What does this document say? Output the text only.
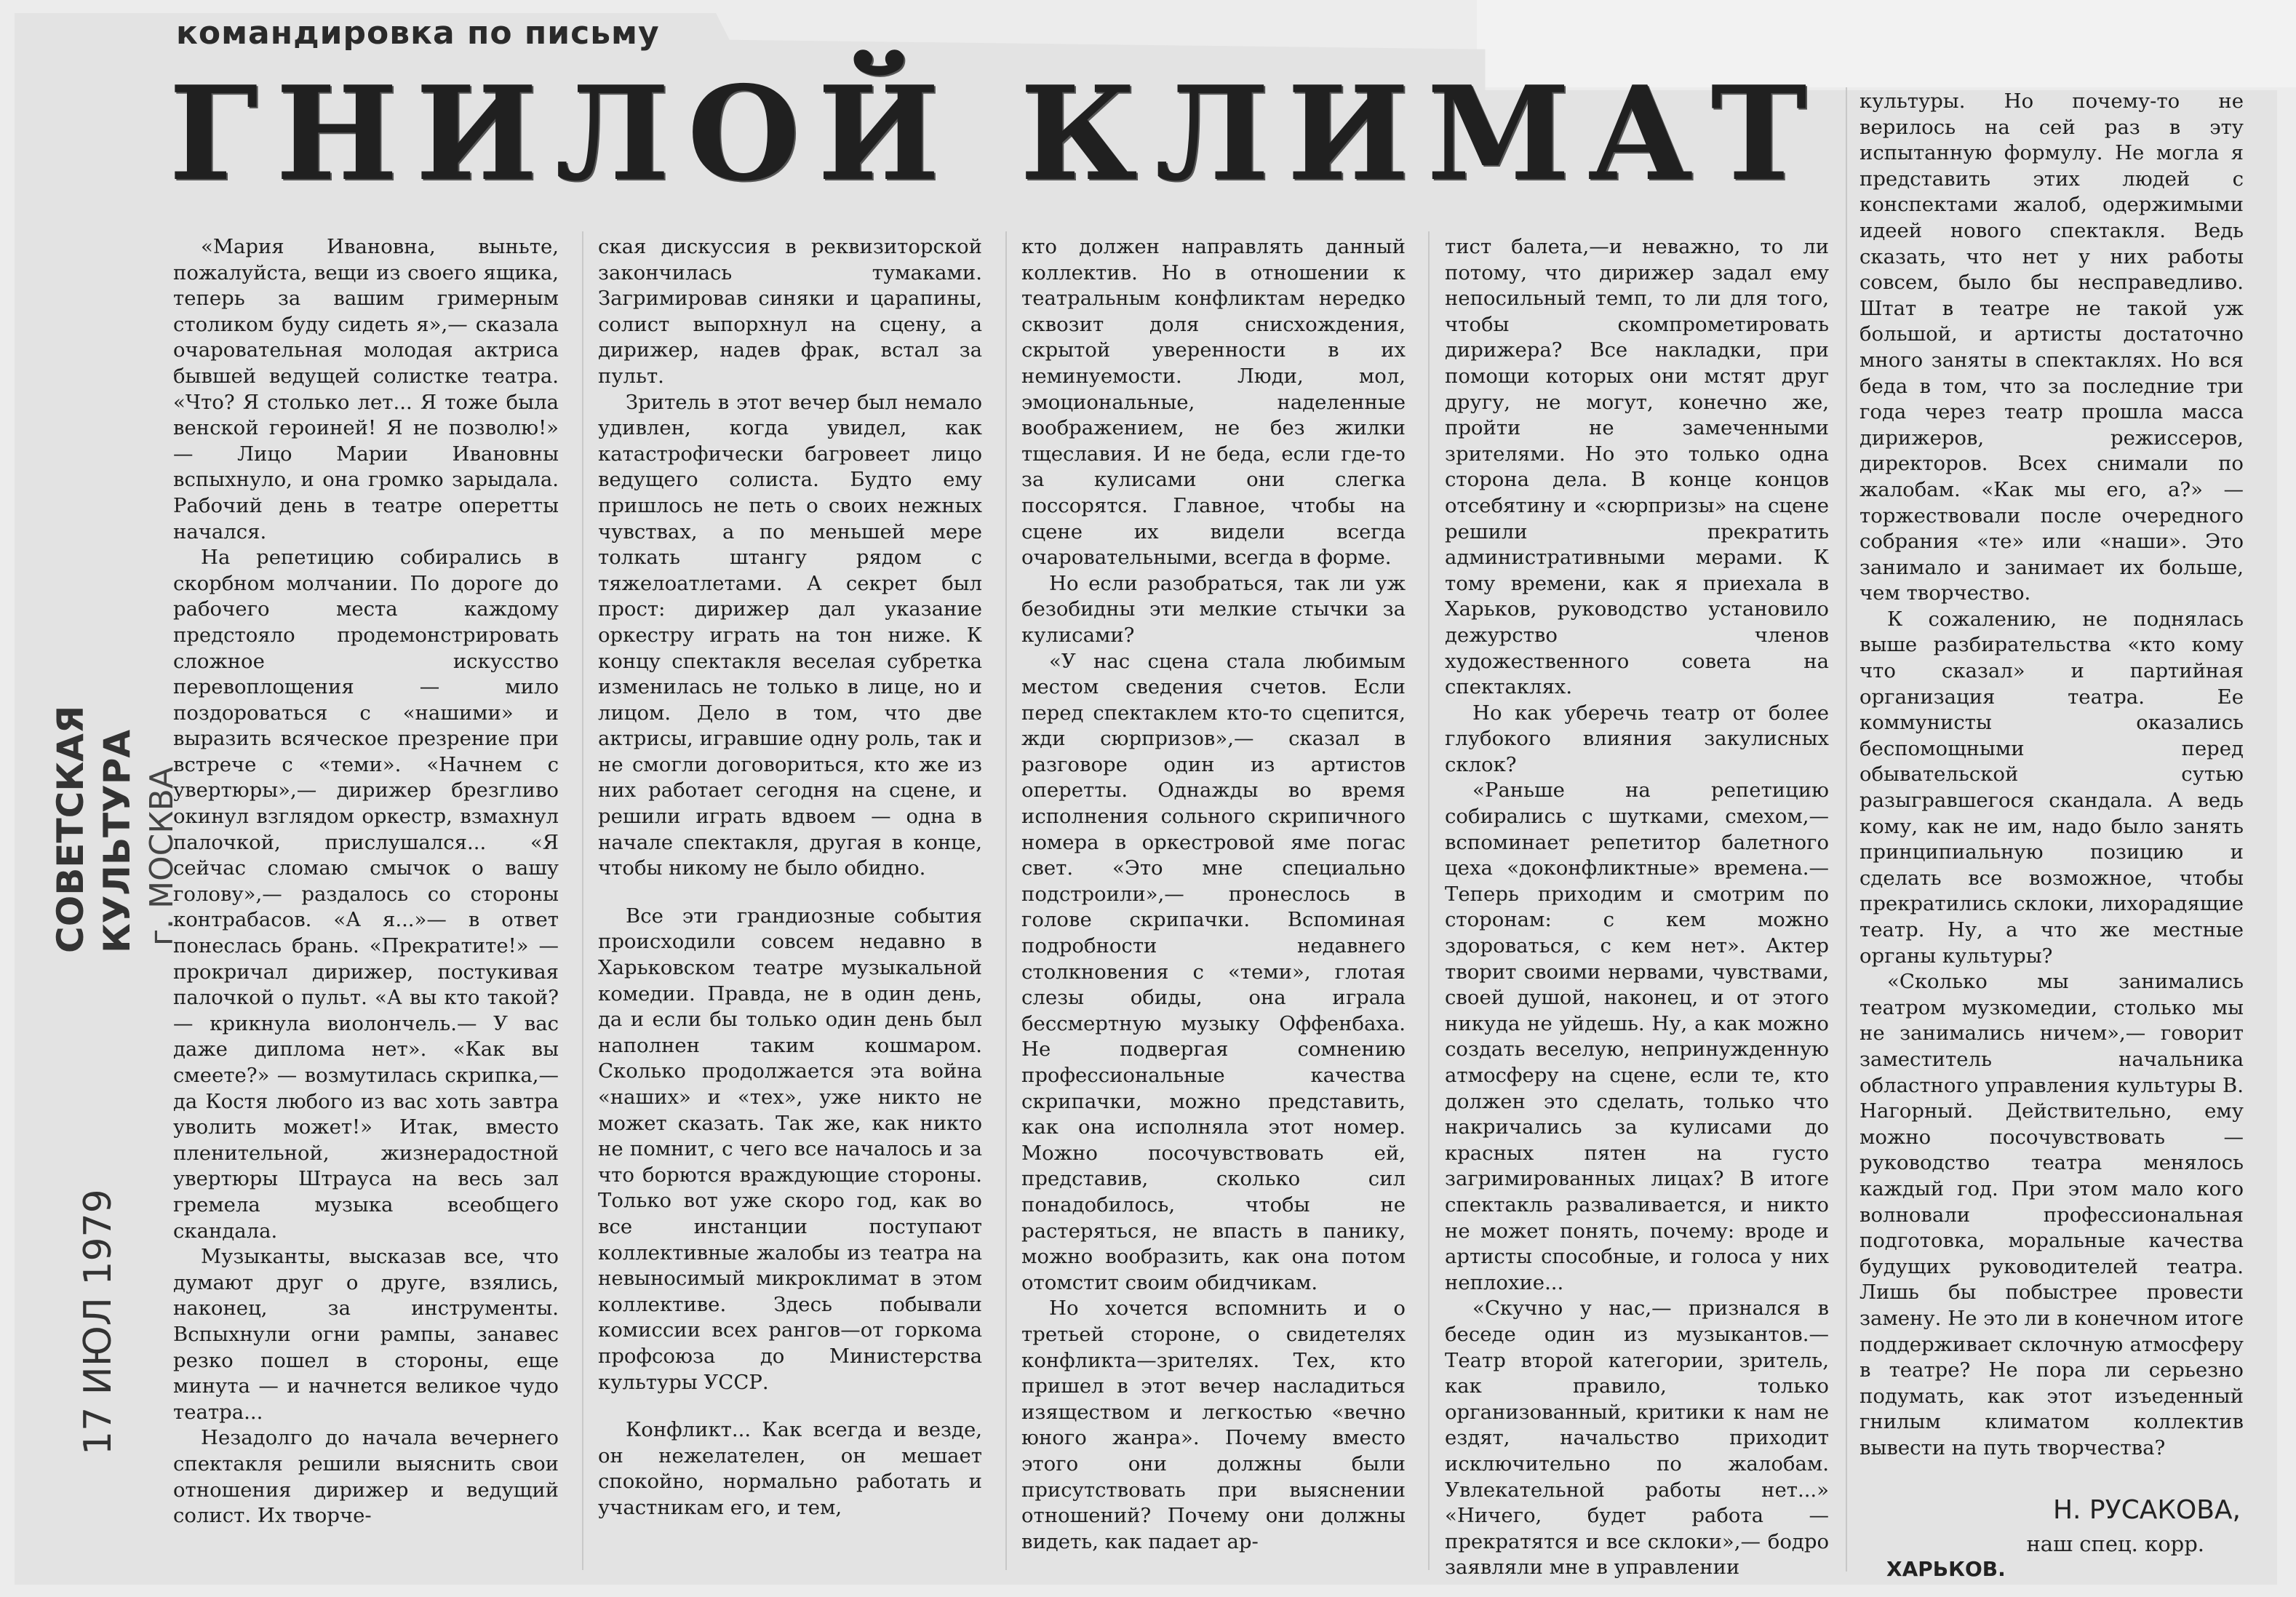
командировка по письму
ГНИЛОЙ КЛИМАТ
СОВЕТСКАЯ КУЛЬТУРА г. МОСКВА
17 ИЮЛ 1979

«Мария Ивановна, выньте, пожалуйста, вещи из своего ящика, теперь за вашим гримерным столиком буду сидеть я»,— сказала очаровательная молодая актриса бывшей ведущей солистке театра. «Что? Я столько лет... Я тоже была венской героиней! Я не позволю!» — Лицо Марии Ивановны вспыхнуло, и она громко зарыдала. Рабочий день в театре оперетты начался.

На репетицию собирались в скорбном молчании. По дороге до рабочего места каждому предстояло продемонстрировать сложное искусство перевоплощения — мило поздороваться с «нашими» и выразить всяческое презрение при встрече с «теми». «Начнем с увертюры»,— дирижер брезгливо окинул взглядом оркестр, взмахнул палочкой, прислушался... «Я сейчас сломаю смычок о вашу голову»,— раздалось со стороны контрабасов. «А я...»— в ответ понеслась брань. «Прекратите!» — прокричал дирижер, постукивая палочкой о пульт. «А вы кто такой? — крикнула виолончель.— У вас даже диплома нет». «Как вы смеете?» — возмутилась скрипка,— да Костя любого из вас хоть завтра уволить может!» Итак, вместо пленительной, жизнерадостной увертюры Штрауса на весь зал гремела музыка всеобщего скандала.

Музыканты, высказав все, что думают друг о друге, взялись, наконец, за инструменты. Вспыхнули огни рампы, занавес резко пошел в стороны, еще минута — и начнется великое чудо театра...

Незадолго до начала вечернего спектакля решили выяснить свои отношения дирижер и ведущий солист. Их творче-

ская дискуссия в реквизиторской закончилась тумаками. Загримировав синяки и царапины, солист выпорхнул на сцену, а дирижер, надев фрак, встал за пульт.

Зритель в этот вечер был немало удивлен, когда увидел, как катастрофически багровеет лицо ведущего солиста. Будто ему пришлось не петь о своих нежных чувствах, а по меньшей мере толкать штангу рядом с тяжелоатлетами. А секрет был прост: дирижер дал указание оркестру играть на тон ниже. К концу спектакля веселая субретка изменилась не только в лице, но и лицом. Дело в том, что две актрисы, игравшие одну роль, так и не смогли договориться, кто же из них работает сегодня на сцене, и решили играть вдвоем — одна в начале спектакля, другая в конце, чтобы никому не было обидно.

Все эти грандиозные события происходили совсем недавно в Харьковском театре музыкальной комедии. Правда, не в один день, да и если бы только один день был наполнен таким кошмаром. Сколько продолжается эта война «наших» и «тех», уже никто не может сказать. Так же, как никто не помнит, с чего все началось и за что борются враждующие стороны. Только вот уже скоро год, как во все инстанции поступают коллективные жалобы из театра на невыносимый микроклимат в этом коллективе. Здесь побывали комиссии всех рангов—от горкома профсоюза до Министерства культуры УССР.

Конфликт... Как всегда и везде, он нежелателен, он мешает спокойно, нормально работать и участникам его, и тем,

кто должен направлять данный коллектив. Но в отношении к театральным конфликтам нередко сквозит доля снисхождения, скрытой уверенности в их неминуемости. Люди, мол, эмоциональные, наделенные воображением, не без жилки тщеславия. И не беда, если где-то за кулисами они слегка поссорятся. Главное, чтобы на сцене их видели всегда очаровательными, всегда в форме.

Но если разобраться, так ли уж безобидны эти мелкие стычки за кулисами?

«У нас сцена стала любимым местом сведения счетов. Если перед спектаклем кто-то сцепится, жди сюрпризов»,— сказал в разговоре один из артистов оперетты. Однажды во время исполнения сольного скрипичного номера в оркестровой яме погас свет. «Это мне специально подстроили»,— пронеслось в голове скрипачки. Вспоминая подробности недавнего столкновения с «теми», глотая слезы обиды, она играла бессмертную музыку Оффенбаха. Не подвергая сомнению профессиональные качества скрипачки, можно представить, как она исполняла этот номер. Можно посочувствовать ей, представив, сколько сил понадобилось, чтобы не растеряться, не впасть в панику, можно вообразить, как она потом отомстит своим обидчикам.

Но хочется вспомнить и о третьей стороне, о свидетелях конфликта—зрителях. Тех, кто пришел в этот вечер насладиться изяществом и легкостью «вечно юного жанра». Почему вместо этого они должны были присутствовать при выяснении отношений? Почему они должны видеть, как падает ар-

тист балета,—и неважно, то ли потому, что дирижер задал ему непосильный темп, то ли для того, чтобы скомпрометировать дирижера? Все накладки, при помощи которых они мстят друг другу, не могут, конечно же, пройти не замеченными зрителями. Но это только одна сторона дела. В конце концов отсебятину и «сюрпризы» на сцене решили прекратить административными мерами. К тому времени, как я приехала в Харьков, руководство установило дежурство членов художественного совета на спектаклях.

Но как уберечь театр от более глубокого влияния закулисных склок?

«Раньше на репетицию собирались с шутками, смехом,— вспоминает репетитор балетного цеха «доконфликтные» времена.— Теперь приходим и смотрим по сторонам: с кем можно здороваться, с кем нет». Актер творит своими нервами, чувствами, своей душой, наконец, и от этого никуда не уйдешь. Ну, а как можно создать веселую, непринужденную атмосферу на сцене, если те, кто должен это сделать, только что накричались за кулисами до красных пятен на густо загримированных лицах? В итоге спектакль разваливается, и никто не может понять, почему: вроде и артисты способные, и голоса у них неплохие...

«Скучно у нас,— признался в беседе один из музыкантов.— Театр второй категории, зритель, как правило, только организованный, критики к нам не ездят, начальство приходит исключительно по жалобам. Увлекательной работы нет...» «Ничего, будет работа — прекратятся и все склоки»,— бодро заявляли мне в управлении

культуры. Но почему-то не верилось на сей раз в эту испытанную формулу. Не могла я представить этих людей с конспектами жалоб, одержимыми идеей нового спектакля. Ведь сказать, что нет у них работы совсем, было бы несправедливо. Штат в театре не такой уж большой, и артисты достаточно много заняты в спектаклях. Но вся беда в том, что за последние три года через театр прошла масса дирижеров, режиссеров, директоров. Всех снимали по жалобам. «Как мы его, а?» — торжествовали после очередного собрания «те» или «наши». Это занимало и занимает их больше, чем творчество.

К сожалению, не поднялась выше разбирательства «кто кому что сказал» и партийная организация театра. Ее коммунисты оказались беспомощными перед обывательской сутью разыгравшегося скандала. А ведь кому, как не им, надо было занять принципиальную позицию и сделать все возможное, чтобы прекратились склоки, лихорадящие театр. Ну, а что же местные органы культуры?

«Сколько мы занимались театром музкомедии, столько мы не занимались ничем»,— говорит заместитель начальника областного управления культуры В. Нагорный. Действительно, ему можно посочувствовать — руководство театра менялось каждый год. При этом мало кого волновали профессиональная подготовка, моральные качества будущих руководителей театра. Лишь бы побыстрее провести замену. Не это ли в конечном итоге поддерживает склочную атмосферу в театре? Не пора ли серьезно подумать, как этот изъеденный гнилым климатом коллектив вывести на путь творчества?

Н. РУСАКОВА,
наш спец. корр.
ХАРЬКОВ.
